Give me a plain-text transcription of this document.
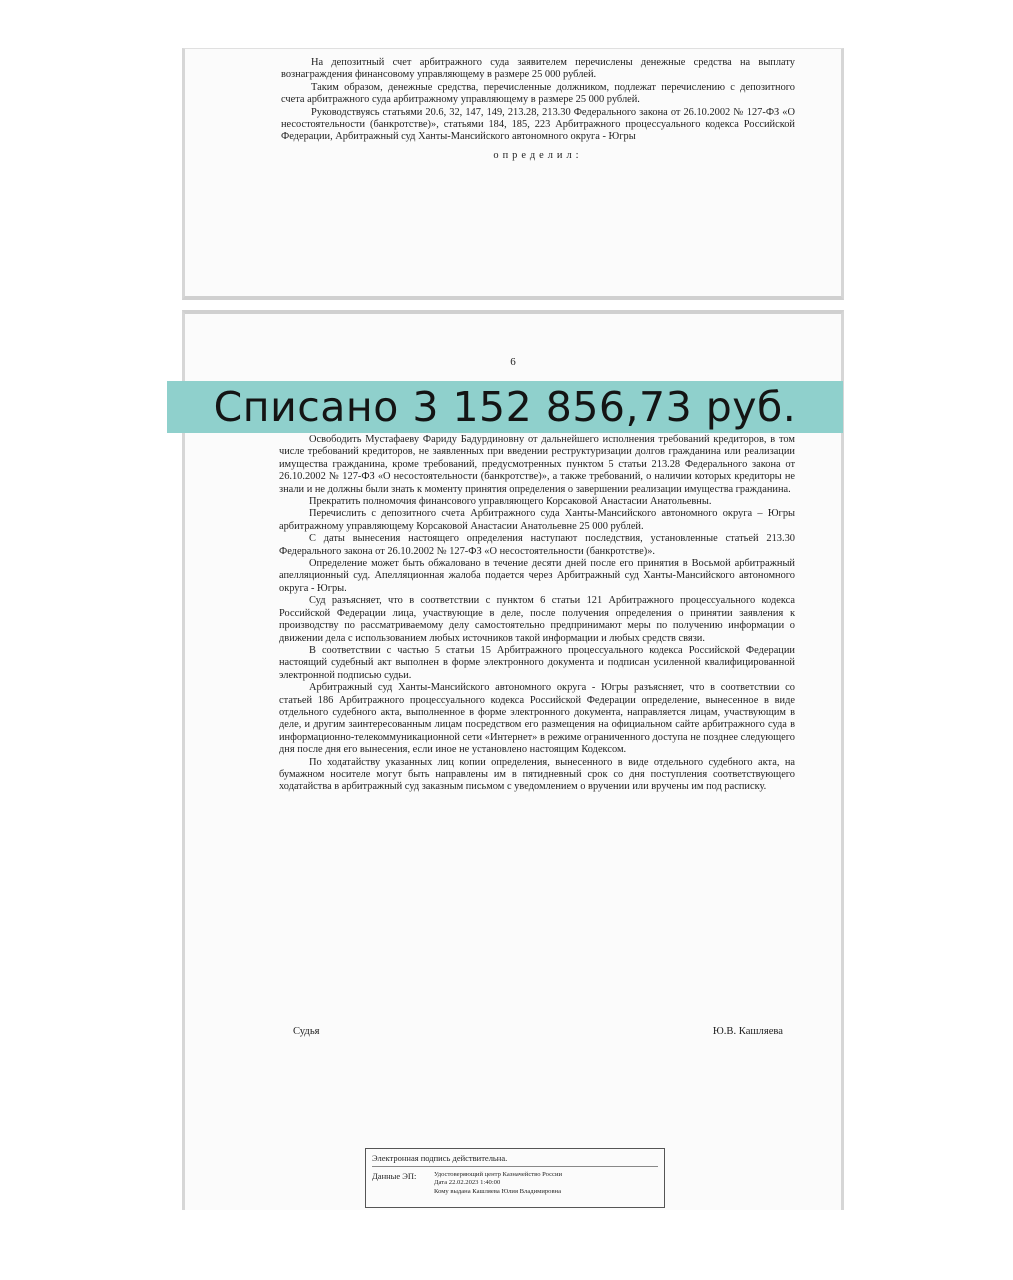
На депозитный счет арбитражного суда заявителем перечислены денежные средства на выплату вознаграждения финансовому управляющему в размере 25 000 рублей.

Таким образом, денежные средства, перечисленные должником, подлежат перечислению с депозитного счета арбитражного суда арбитражному управляющему в размере 25 000 рублей.

Руководствуясь статьями 20.6, 32, 147, 149, 213.28, 213.30 Федерального закона от 26.10.2002 № 127-ФЗ «О несостоятельности (банкротстве)», статьями 184, 185, 223 Арбитражного процессуального кодекса Российской Федерации, Арбитражный суд Ханты-Мансийского автономного округа - Югры

определил:

6

Освободить Мустафаеву Фариду Бадурдиновну от дальнейшего исполнения требований кредиторов, в том числе требований кредиторов, не заявленных при введении реструктуризации долгов гражданина или реализации имущества гражданина, кроме требований, предусмотренных пунктом 5 статьи 213.28 Федерального закона от 26.10.2002 № 127-ФЗ «О несостоятельности (банкротстве)», а также требований, о наличии которых кредиторы не знали и не должны были знать к моменту принятия определения о завершении реализации имущества гражданина.

Прекратить полномочия финансового управляющего Корсаковой Анастасии Анатольевны.

Перечислить с депозитного счета Арбитражного суда Ханты-Мансийского автономного округа – Югры арбитражному управляющему Корсаковой Анастасии Анатольевне 25 000 рублей.

С даты вынесения настоящего определения наступают последствия, установленные статьей 213.30 Федерального закона от 26.10.2002 № 127-ФЗ «О несостоятельности (банкротстве)».

Определение может быть обжаловано в течение десяти дней после его принятия в Восьмой арбитражный апелляционный суд. Апелляционная жалоба подается через Арбитражный суд Ханты-Мансийского автономного округа - Югры.

Суд разъясняет, что в соответствии с пунктом 6 статьи 121 Арбитражного процессуального кодекса Российской Федерации лица, участвующие в деле, после получения определения о принятии заявления к производству по рассматриваемому делу самостоятельно предпринимают меры по получению информации о движении дела с использованием любых источников такой информации и любых средств связи.

В соответствии с частью 5 статьи 15 Арбитражного процессуального кодекса Российской Федерации настоящий судебный акт выполнен в форме электронного документа и подписан усиленной квалифицированной электронной подписью судьи.

Арбитражный суд Ханты-Мансийского автономного округа - Югры разъясняет, что в соответствии со статьей 186 Арбитражного процессуального кодекса Российской Федерации определение, вынесенное в виде отдельного судебного акта, выполненное в форме электронного документа, направляется лицам, участвующим в деле, и другим заинтересованным лицам посредством его размещения на официальном сайте арбитражного суда в информационно-телекоммуникационной сети «Интернет» в режиме ограниченного доступа не позднее следующего дня после дня его вынесения, если иное не установлено настоящим Кодексом.

По ходатайству указанных лиц копии определения, вынесенного в виде отдельного судебного акта, на бумажном носителе могут быть направлены им в пятидневный срок со дня поступления соответствующего ходатайства в арбитражный суд заказным письмом с уведомлением о вручении или вручены им под расписку.

Судья	Ю.В. Кашляева
Электронная подпись действительна.
Данные ЭП:	Удостоверяющий центр Казначейство России
Дата 22.02.2023 1:40:00
Кому выдана Кашляева Юлия Владимировна
Списано 3 152 856,73 руб.
